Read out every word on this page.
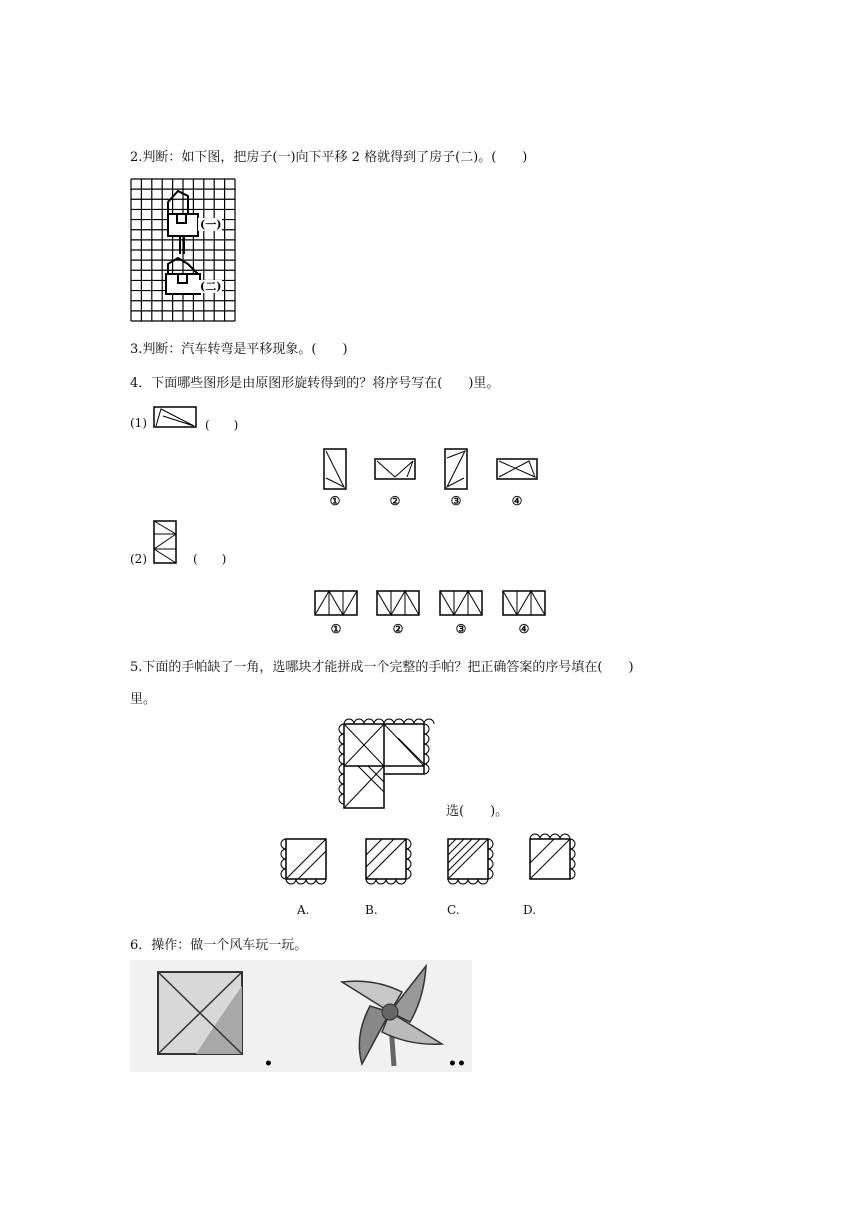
2.判断：如下图，把房子(一)向下平移 2 格就得到了房子(二)。(　　)
(一)
(二)
3.判断：汽车转弯是平移现象。(　　)
4．下面哪些图形是由原图形旋转得到的？将序号写在(　　)里。
(1)	(　　)
①	②	③	④
(2)	(　　)
①	②	③	④
5.下面的手帕缺了一角，选哪块才能拼成一个完整的手帕？把正确答案的序号填在(　　)
里。
选(　　)。
A.	B.	C.	D.
6．操作：做一个风车玩一玩。
•	••
